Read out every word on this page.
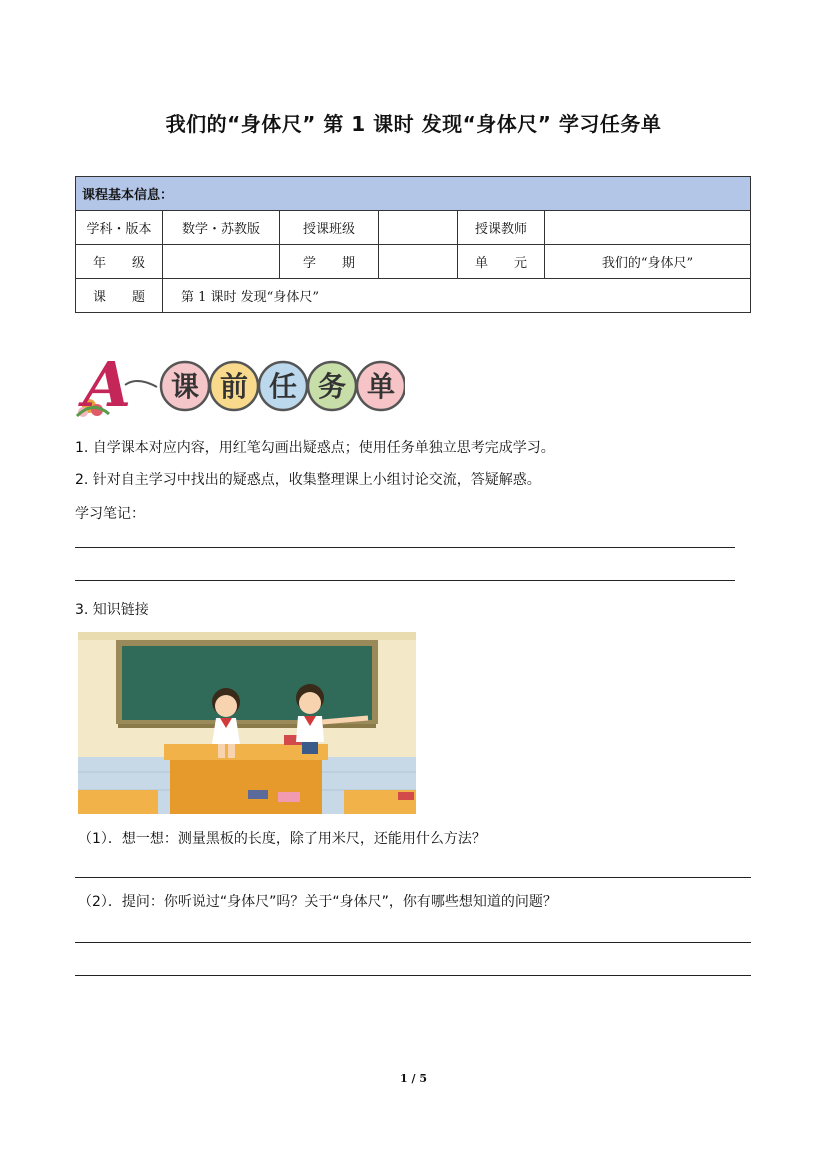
我们的“身体尺” 第 1 课时 发现“身体尺” 学习任务单
课程基本信息：					
学科・版本	数学・苏教版	授课班级		授课教师	
年　　级		学　　期		单　　元	我们的“身体尺”
课　　题	第 1 课时 发现“身体尺”				
A 课 前 任 务 单
1. 自学课本对应内容，用红笔勾画出疑惑点；使用任务单独立思考完成学习。
2. 针对自主学习中找出的疑惑点，收集整理课上小组讨论交流，答疑解惑。
学习笔记：
3. 知识链接
（1）．想一想：测量黑板的长度，除了用米尺，还能用什么方法？
（2）．提问：你听说过“身体尺”吗？关于“身体尺”，你有哪些想知道的问题？
1 / 5
